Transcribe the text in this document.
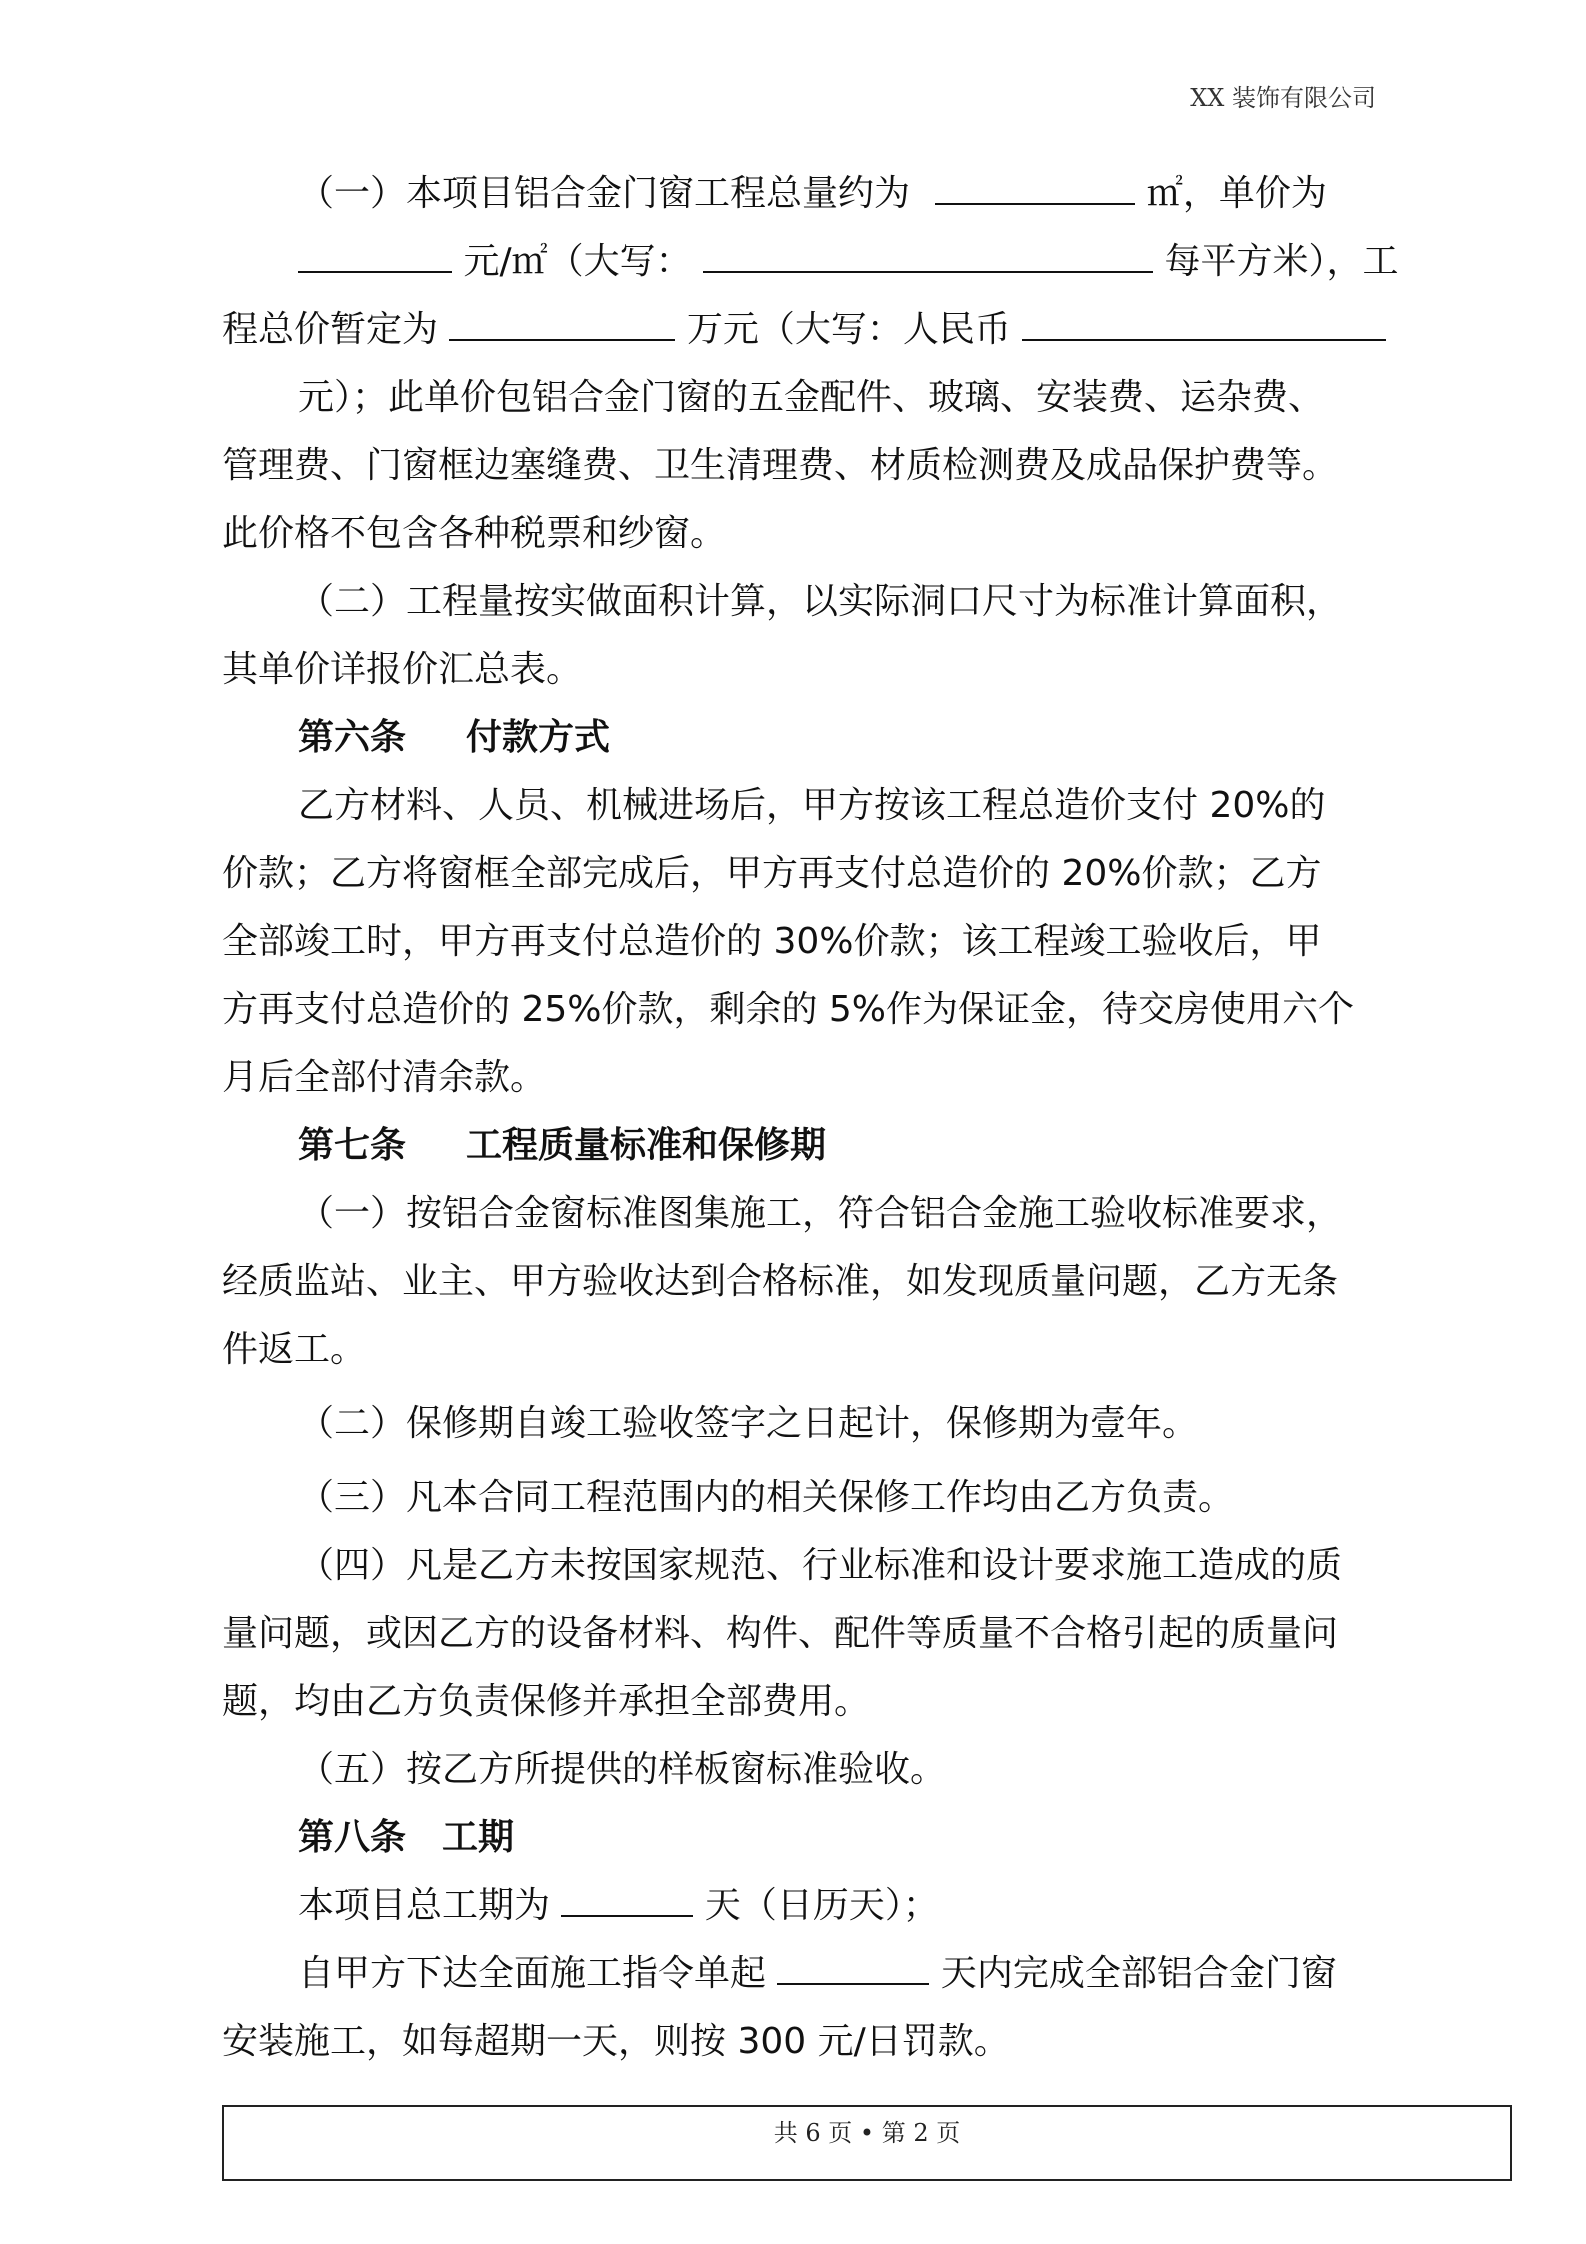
XX 装饰有限公司
（一）本项目铝合金门窗工程总量约为	㎡，单价为
元/㎡（大写：	每平方米），工
程总价暂定为	万元（大写：人民币
元）；此单价包铝合金门窗的五金配件、玻璃、安装费、运杂费、
管理费、门窗框边塞缝费、卫生清理费、材质检测费及成品保护费等。
此价格不包含各种税票和纱窗。
（二）工程量按实做面积计算，以实际洞口尺寸为标准计算面积，
其单价详报价汇总表。
第六条 付款方式
乙方材料、人员、机械进场后，甲方按该工程总造价支付 20%的
价款；乙方将窗框全部完成后，甲方再支付总造价的 20%价款；乙方
全部竣工时，甲方再支付总造价的 30%价款；该工程竣工验收后，甲
方再支付总造价的 25%价款，剩余的 5%作为保证金，待交房使用六个
月后全部付清余款。
第七条 工程质量标准和保修期
（一）按铝合金窗标准图集施工，符合铝合金施工验收标准要求，
经质监站、业主、甲方验收达到合格标准，如发现质量问题，乙方无条
件返工。
（二）保修期自竣工验收签字之日起计，保修期为壹年。
（三）凡本合同工程范围内的相关保修工作均由乙方负责。
（四）凡是乙方未按国家规范、行业标准和设计要求施工造成的质
量问题，或因乙方的设备材料、构件、配件等质量不合格引起的质量问
题，均由乙方负责保修并承担全部费用。
（五）按乙方所提供的样板窗标准验收。
第八条 工期
本项目总工期为	天（日历天）；
自甲方下达全面施工指令单起	天内完成全部铝合金门窗
安装施工，如每超期一天，则按 300 元/日罚款。
共 6 页 • 第 2 页
